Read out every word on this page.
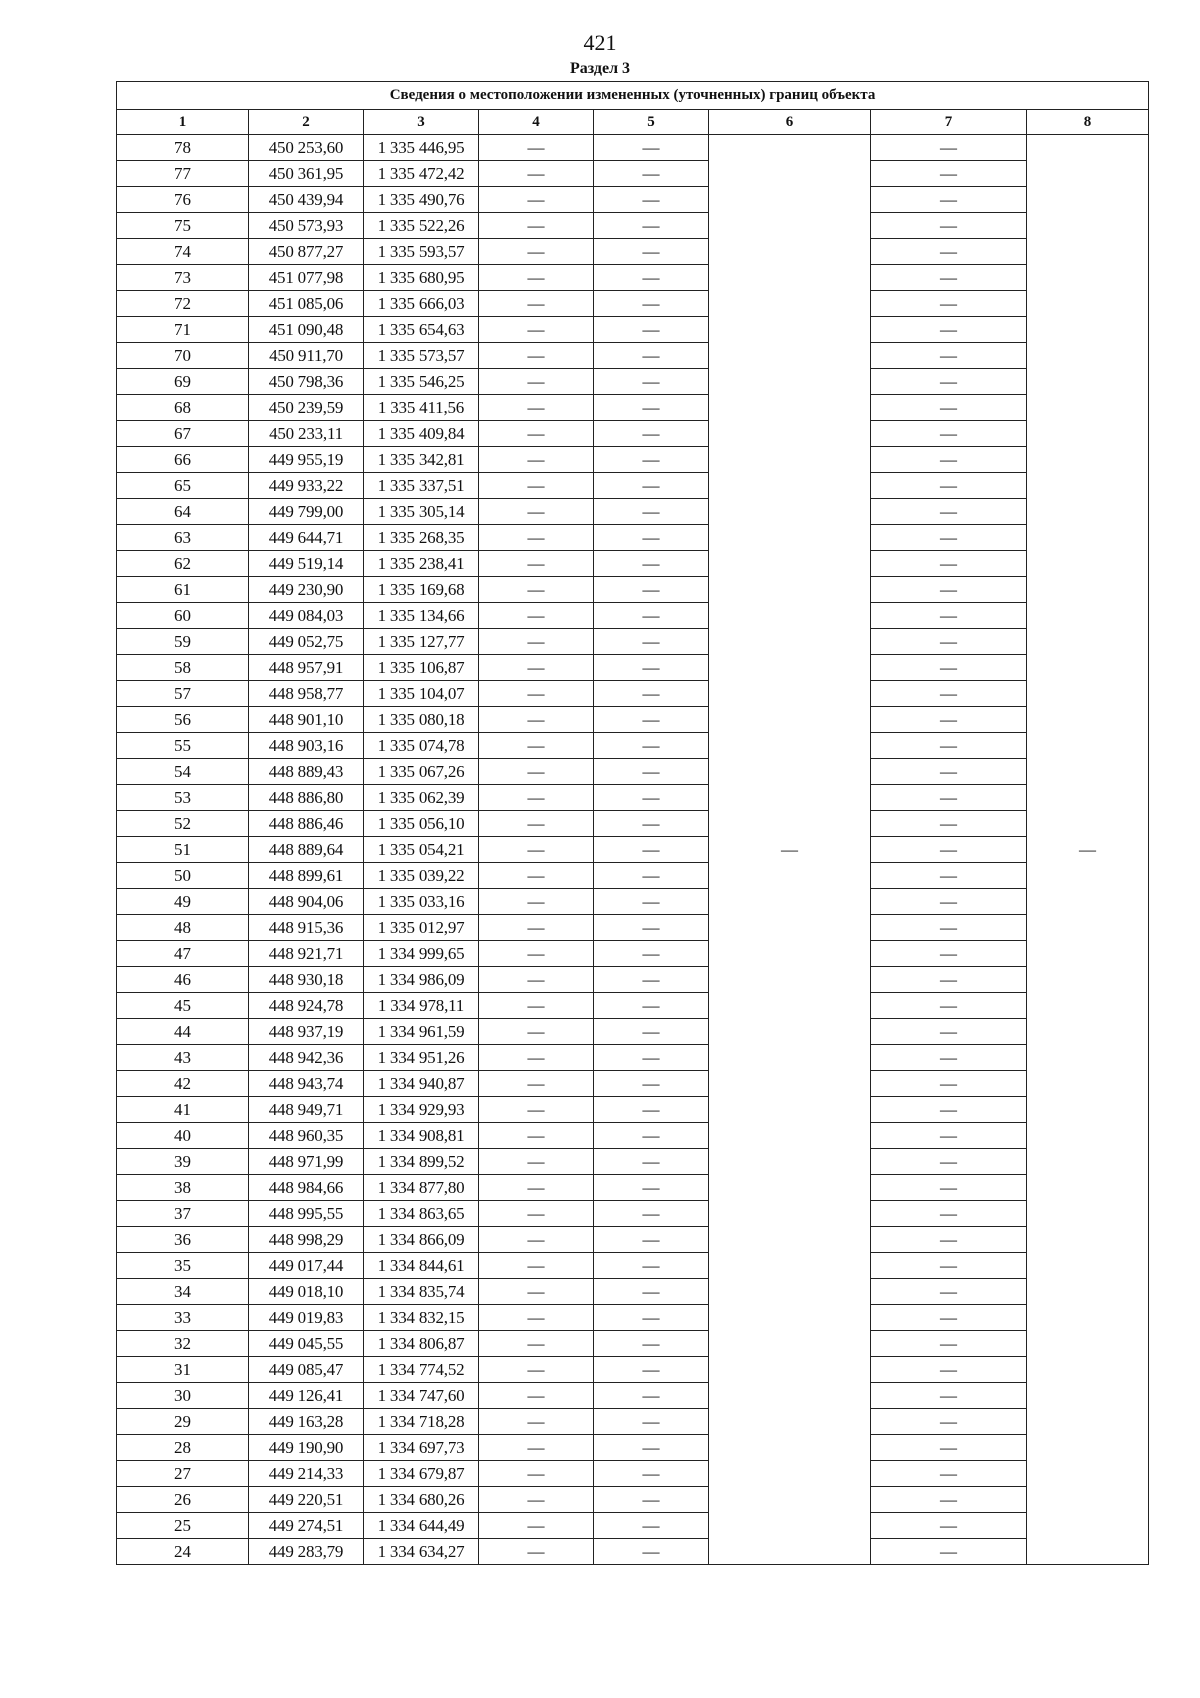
421
Раздел 3
Сведения о местоположении измененных (уточненных) границ объекта							
1	2	3	4	5	6	7	8
78	450 253,60	1 335 446,95	—	—	—	—	—
77	450 361,95	1 335 472,42	—	—		—	
76	450 439,94	1 335 490,76	—	—		—	
75	450 573,93	1 335 522,26	—	—		—	
74	450 877,27	1 335 593,57	—	—		—	
73	451 077,98	1 335 680,95	—	—		—	
72	451 085,06	1 335 666,03	—	—		—	
71	451 090,48	1 335 654,63	—	—		—	
70	450 911,70	1 335 573,57	—	—		—	
69	450 798,36	1 335 546,25	—	—		—	
68	450 239,59	1 335 411,56	—	—		—	
67	450 233,11	1 335 409,84	—	—		—	
66	449 955,19	1 335 342,81	—	—		—	
65	449 933,22	1 335 337,51	—	—		—	
64	449 799,00	1 335 305,14	—	—		—	
63	449 644,71	1 335 268,35	—	—		—	
62	449 519,14	1 335 238,41	—	—		—	
61	449 230,90	1 335 169,68	—	—		—	
60	449 084,03	1 335 134,66	—	—		—	
59	449 052,75	1 335 127,77	—	—		—	
58	448 957,91	1 335 106,87	—	—		—	
57	448 958,77	1 335 104,07	—	—		—	
56	448 901,10	1 335 080,18	—	—		—	
55	448 903,16	1 335 074,78	—	—		—	
54	448 889,43	1 335 067,26	—	—		—	
53	448 886,80	1 335 062,39	—	—		—	
52	448 886,46	1 335 056,10	—	—		—	
51	448 889,64	1 335 054,21	—	—		—	
50	448 899,61	1 335 039,22	—	—		—	
49	448 904,06	1 335 033,16	—	—		—	
48	448 915,36	1 335 012,97	—	—		—	
47	448 921,71	1 334 999,65	—	—		—	
46	448 930,18	1 334 986,09	—	—		—	
45	448 924,78	1 334 978,11	—	—		—	
44	448 937,19	1 334 961,59	—	—		—	
43	448 942,36	1 334 951,26	—	—		—	
42	448 943,74	1 334 940,87	—	—		—	
41	448 949,71	1 334 929,93	—	—		—	
40	448 960,35	1 334 908,81	—	—		—	
39	448 971,99	1 334 899,52	—	—		—	
38	448 984,66	1 334 877,80	—	—		—	
37	448 995,55	1 334 863,65	—	—		—	
36	448 998,29	1 334 866,09	—	—		—	
35	449 017,44	1 334 844,61	—	—		—	
34	449 018,10	1 334 835,74	—	—		—	
33	449 019,83	1 334 832,15	—	—		—	
32	449 045,55	1 334 806,87	—	—		—	
31	449 085,47	1 334 774,52	—	—		—	
30	449 126,41	1 334 747,60	—	—		—	
29	449 163,28	1 334 718,28	—	—		—	
28	449 190,90	1 334 697,73	—	—		—	
27	449 214,33	1 334 679,87	—	—		—	
26	449 220,51	1 334 680,26	—	—		—	
25	449 274,51	1 334 644,49	—	—		—	
24	449 283,79	1 334 634,27	—	—		—	
